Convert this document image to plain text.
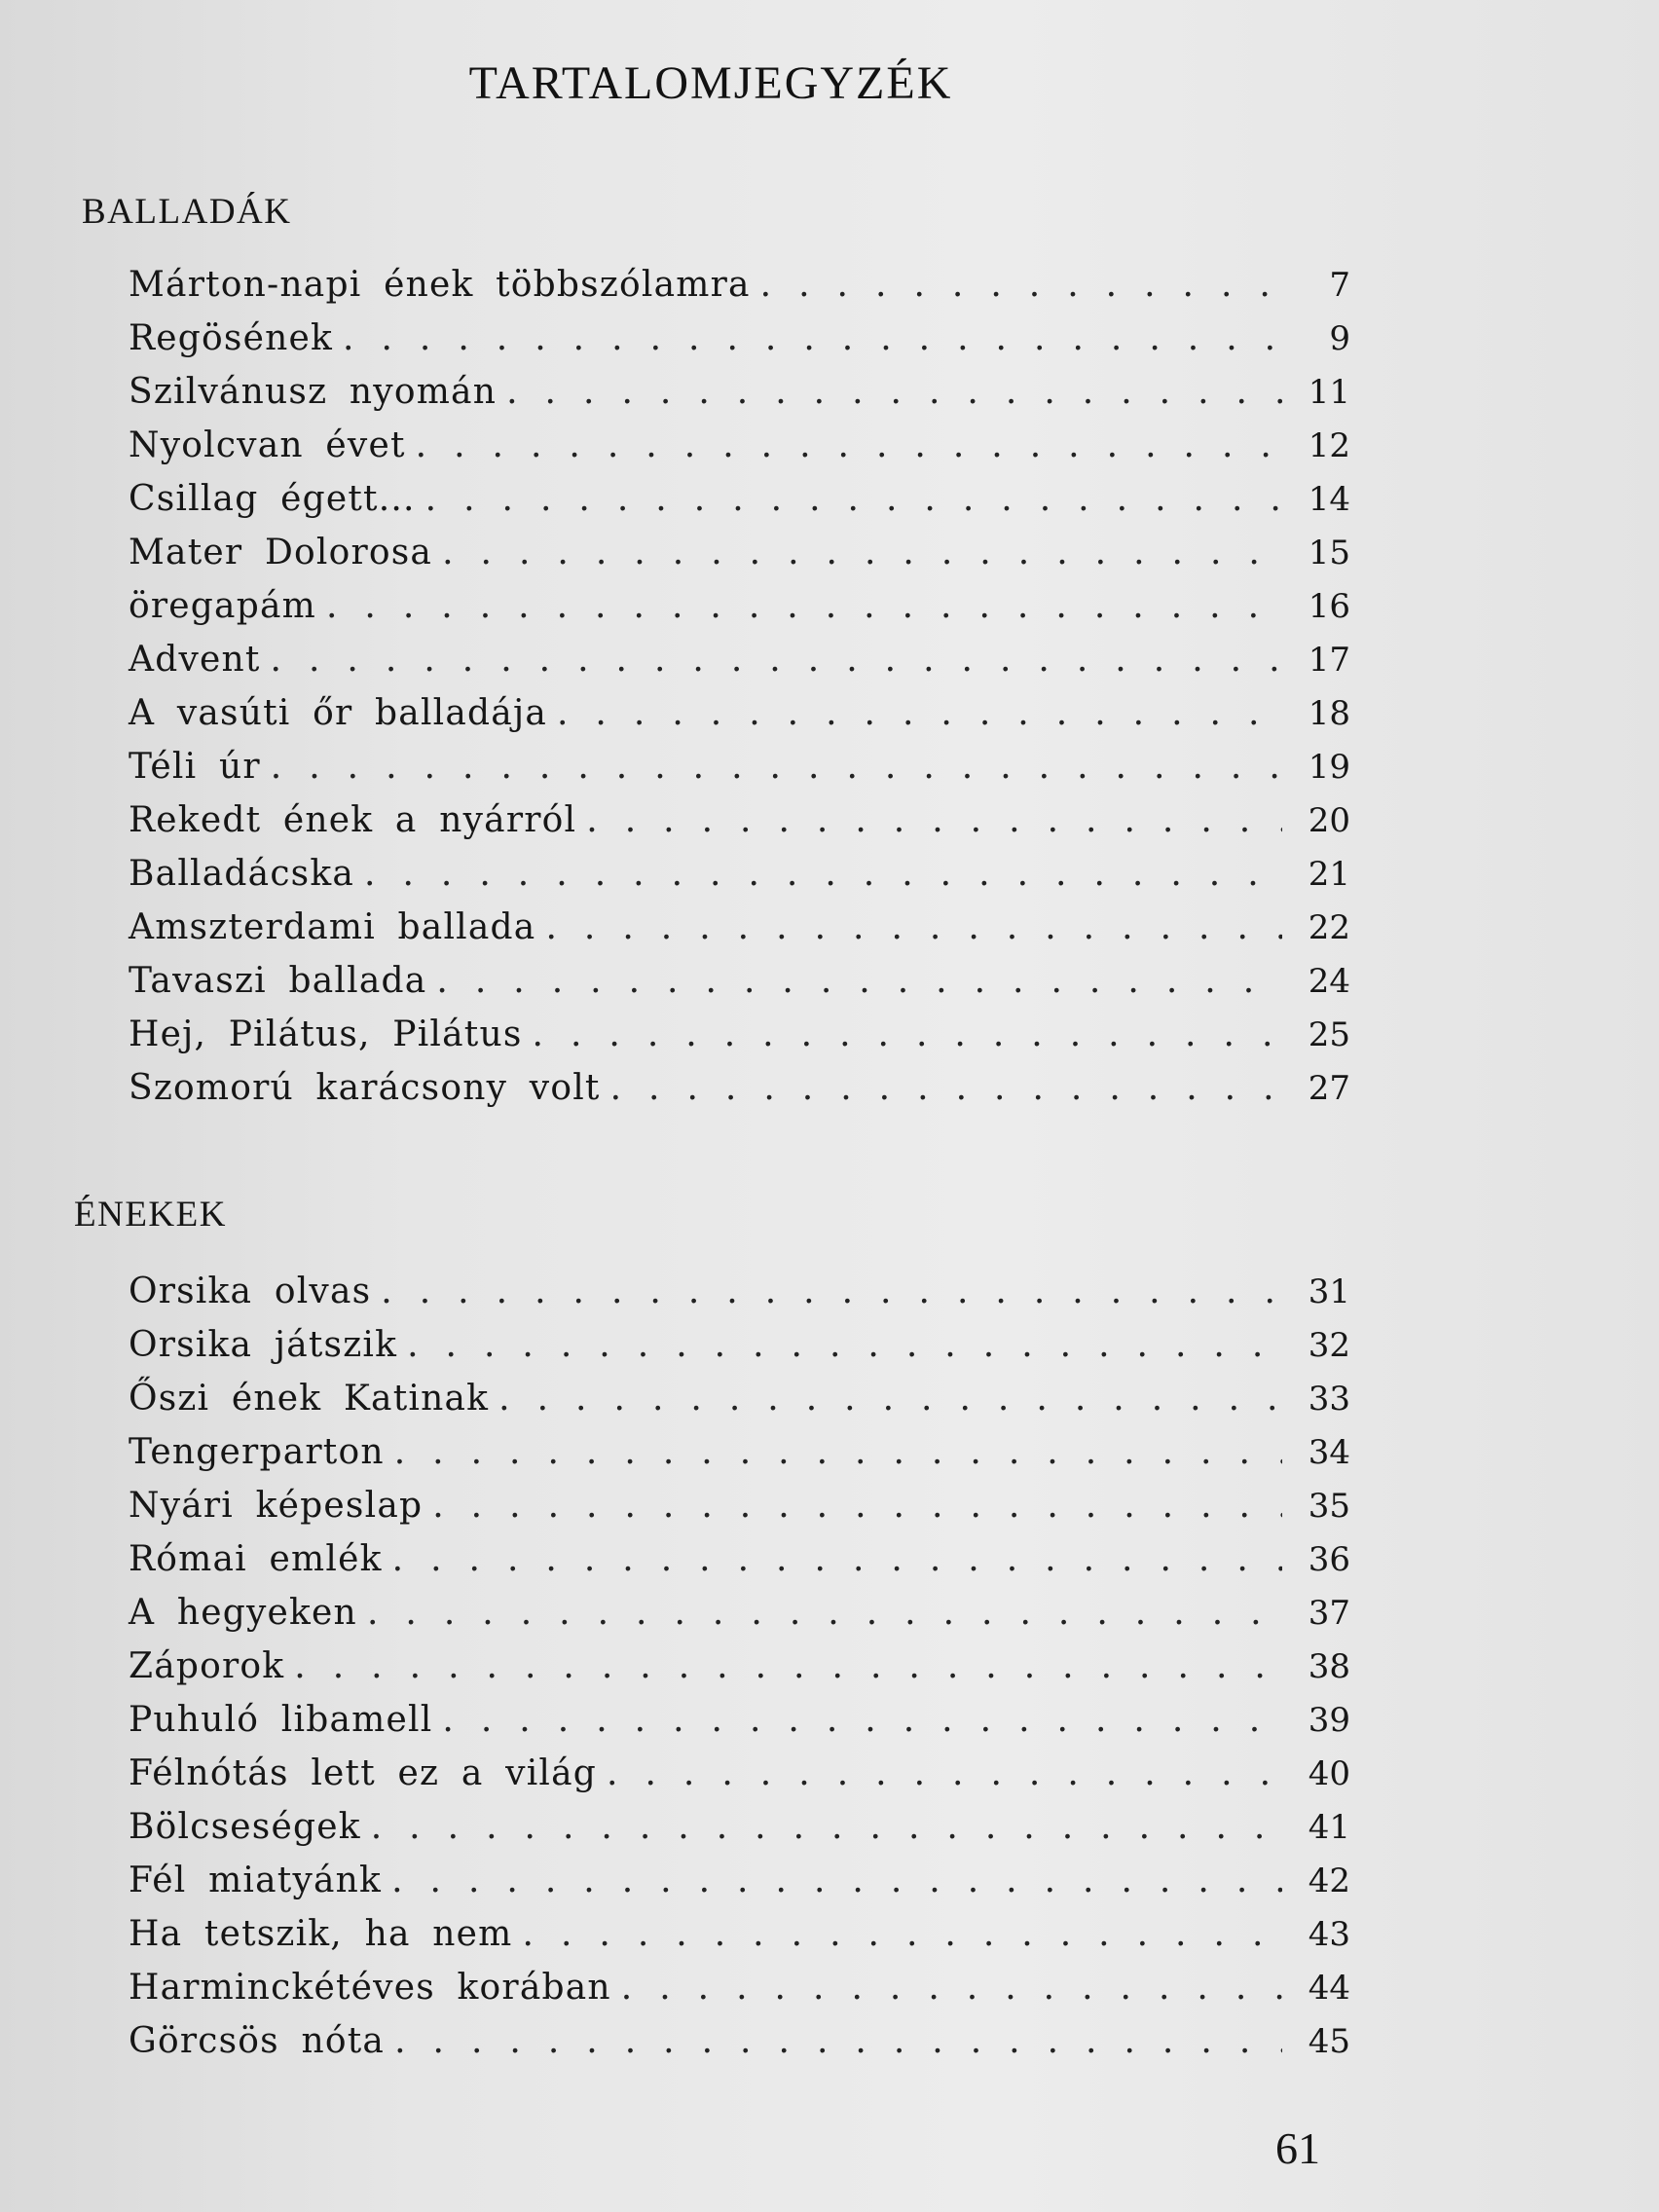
TARTALOMJEGYZÉK
BALLADÁK
Márton-napi ének többszólamra .....	7
Regösének .....	9
Szilvánusz nyomán .....	11
Nyolcvan évet .....	12
Csillag égett... .....	14
Mater Dolorosa .....	15
öregapám .....	16
Advent .....	17
A vasúti őr balladája .....	18
Téli úr .....	19
Rekedt ének a nyárról .....	20
Balladácska .....	21
Amszterdami ballada .....	22
Tavaszi ballada .....	24
Hej, Pilátus, Pilátus .....	25
Szomorú karácsony volt .....	27
ÉNEKEK
Orsika olvas .....	31
Orsika játszik .....	32
Őszi ének Katinak .....	33
Tengerparton .....	34
Nyári képeslap .....	35
Római emlék .....	36
A hegyeken .....	37
Záporok .....	38
Puhuló libamell .....	39
Félnótás lett ez a világ .....	40
Bölcseségek .....	41
Fél miatyánk .....	42
Ha tetszik, ha nem .....	43
Harminckétéves korában .....	44
Görcsös nóta .....	45
61
